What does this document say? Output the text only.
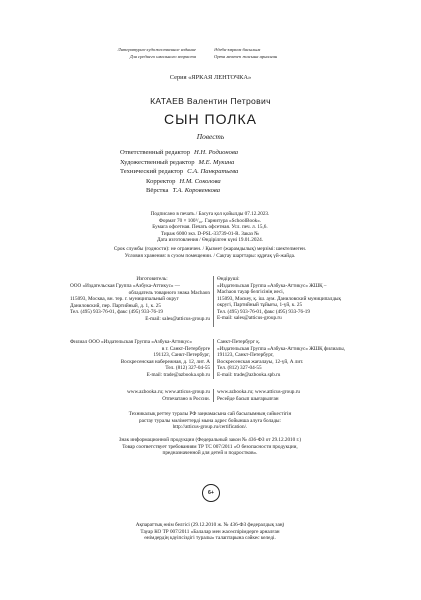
Литературно-художественное издание
Для среднего школьного возраста
Әдеби-көркем басылым
Орта мектеп жасына арналған
Серия «ЯРКАЯ ЛЕНТОЧКА»
КАТАЕВ Валентин Петрович
СЫН ПОЛКА
Повесть
Ответственный редактор Н.Н. Родионова
Художественный редактор М.Е. Мукина
Технический редактор С.А. Панкратьева
Корректор Н.М. Соколова
Вёрстка Т.А. Коровенкова
Подписано в печать / Басуға қол қойылды 07.12.2023.
Формат 70 × 100¹/₁₆. Гарнитура «SchoolBook».
Бумага офсетная. Печать офсетная. Усл. печ. л. 15,6.
Тираж 6000 экз. D-PSL-33739-01-R. Заказ №
Дата изготовления / Өндірілген күні 19.01.2024.
Срок службы (годности): не ограничен. / Қызмет (жарамдылық) мерзімі: шектелмеген.
Условия хранения: в сухом помещении. / Сақтау шарттары: құрғақ үй-жайда.
Изготовитель:
ООО «Издательская Группа «Азбука-Аттикус» —
обладатель товарного знака Machaon
115093, Москва, вн. тер. г. муниципальный округ
Даниловский, пер. Партийный, д. 1, к. 25
Тел. (495) 933-76-01, факс (495) 933-76-19
E-mail: sales@atticus-group.ru
Өндіруші:
«Издательская Группа «Азбука-Аттикус» ЖШҚ –
Machaon тауар белгісінің иесі,
115093, Мәскеу, қ. іш. аум. Даниловский муниципалдық
округі, Партийный тұйығы, 1-үй, к. 25
Тел. (495) 933-76-01, факс (495) 933-76-19
E-mail: sales@atticus-group.ru
Филиал ООО «Издательская Группа «Азбука-Аттикус»
в г. Санкт-Петербурге
191123, Санкт-Петербург,
Воскресенская набережная, д. 12, лит. А
Тел. (812) 327-04-55
E-mail: trade@azbooka.spb.ru
Санкт-Петербург қ.
«Издательская Группа «Азбука-Аттикус» ЖШҚ филиалы,
191123, Санкт-Петербург,
Воскресенская жағалауы, 12-үй, А лит.
Тел. (812) 327-04-55
E-mail: trade@azbooka.spb.ru
www.azbooka.ru; www.atticus-group.ru
Отпечатано в России.
www.azbooka.ru; www.atticus-group.ru
Ресейде басып шығарылған
Техникалық реттеу туралы РФ заңнамасына сай басылымның сәйкестігін
растау туралы мәліметтерді мына адрес бойынша алуға болады:
http://atticus-group.ru/certification/.
Знак информационной продукции (Федеральный закон № 436-ФЗ от 29.12.2010 г.)
Товар соответствует требованиям ТР ТС 007/2011 «О безопасности продукции,
предназначенной для детей и подростков».
6+
Ақпараттық өнім белгісі (29.12.2010 ж. № 436-ФЗ федералдық заң)
Тауар КО ТР 007/2011 «Балалар мен жасөспірімдерге арналған
өнімдердің қауіпсіздігі туралы» талаптарына сәйкес келеді.
